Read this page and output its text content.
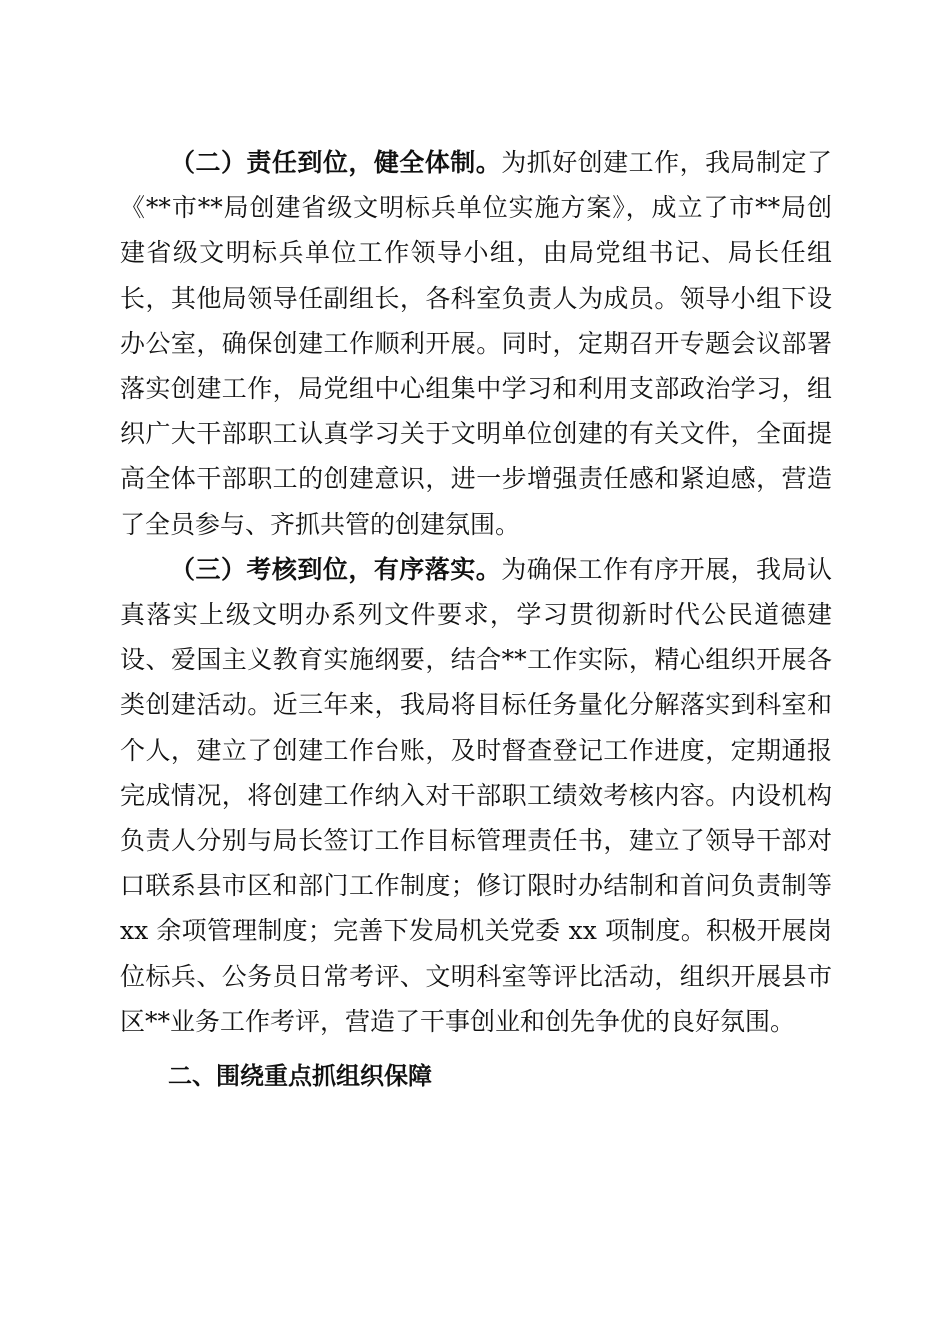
（二）责任到位，健全体制。为抓好创建工作，我局制定了《**市**局创建省级文明标兵单位实施方案》，成立了市**局创建省级文明标兵单位工作领导小组，由局党组书记、局长任组长，其他局领导任副组长，各科室负责人为成员。领导小组下设办公室，确保创建工作顺利开展。同时，定期召开专题会议部署落实创建工作，局党组中心组集中学习和利用支部政治学习，组织广大干部职工认真学习关于文明单位创建的有关文件，全面提高全体干部职工的创建意识，进一步增强责任感和紧迫感，营造了全员参与、齐抓共管的创建氛围。

（三）考核到位，有序落实。为确保工作有序开展，我局认真落实上级文明办系列文件要求，学习贯彻新时代公民道德建设、爱国主义教育实施纲要，结合**工作实际，精心组织开展各类创建活动。近三年来，我局将目标任务量化分解落实到科室和个人，建立了创建工作台账，及时督查登记工作进度，定期通报完成情况，将创建工作纳入对干部职工绩效考核内容。内设机构负责人分别与局长签订工作目标管理责任书，建立了领导干部对口联系县市区和部门工作制度；修订限时办结制和首问负责制等 xx 余项管理制度；完善下发局机关党委 xx 项制度。积极开展岗位标兵、公务员日常考评、文明科室等评比活动，组织开展县市区**业务工作考评，营造了干事创业和创先争优的良好氛围。

二、围绕重点抓组织保障
